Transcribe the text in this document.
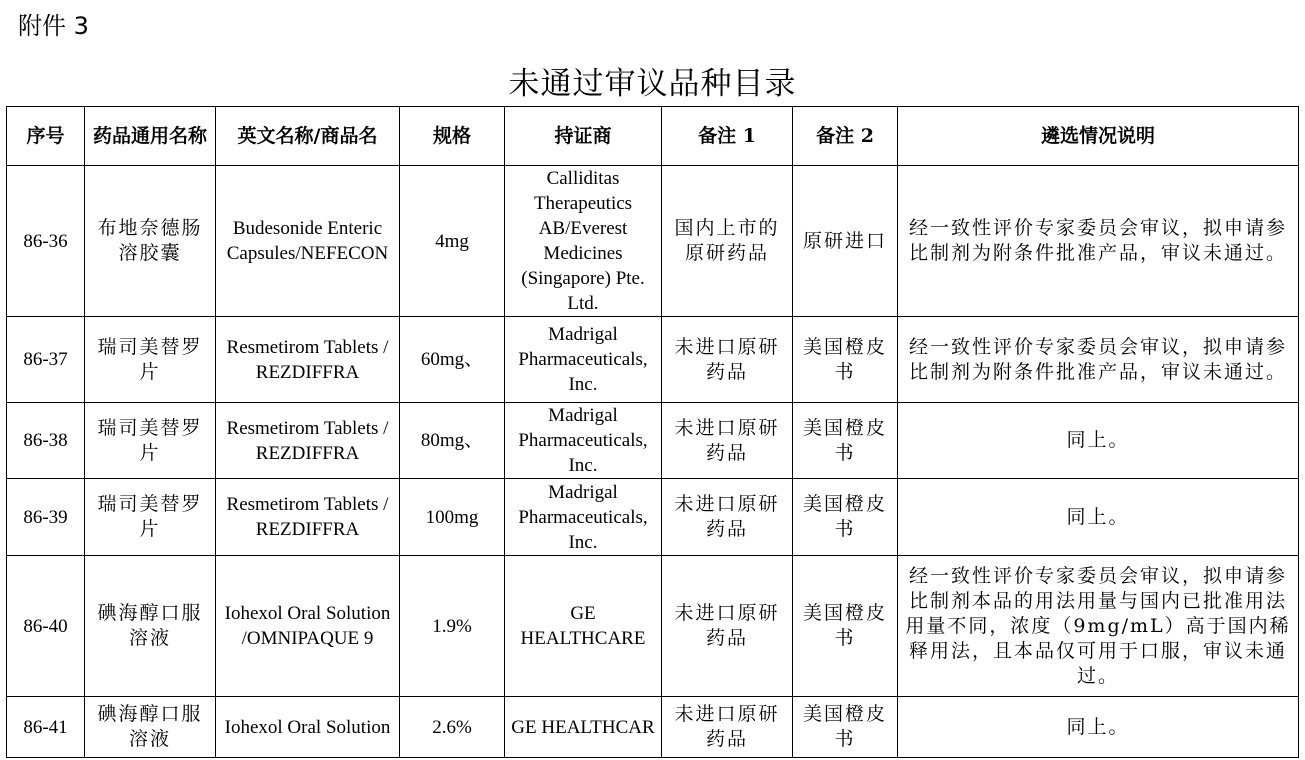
附件 3
未通过审议品种目录
序号	药品通用名称	英文名称/商品名	规格	持证商	备注 1	备注 2	遴选情况说明
86-36	布地奈德肠溶胶囊	Budesonide Enteric Capsules/NEFECON	4mg	Calliditas Therapeutics AB/Everest Medicines (Singapore) Pte. Ltd.	国内上市的原研药品	原研进口	经一致性评价专家委员会审议，拟申请参比制剂为附条件批准产品，审议未通过。
86-37	瑞司美替罗片	Resmetirom Tablets / REZDIFFRA	60mg、	Madrigal Pharmaceuticals, Inc.	未进口原研药品	美国橙皮书	经一致性评价专家委员会审议，拟申请参比制剂为附条件批准产品，审议未通过。
86-38	瑞司美替罗片	Resmetirom Tablets / REZDIFFRA	80mg、	Madrigal Pharmaceuticals, Inc.	未进口原研药品	美国橙皮书	同上。
86-39	瑞司美替罗片	Resmetirom Tablets / REZDIFFRA	100mg	Madrigal Pharmaceuticals, Inc.	未进口原研药品	美国橙皮书	同上。
86-40	碘海醇口服溶液	Iohexol Oral Solution /OMNIPAQUE 9	1.9%	GE HEALTHCARE	未进口原研药品	美国橙皮书	经一致性评价专家委员会审议，拟申请参比制剂本品的用法用量与国内已批准用法用量不同，浓度（9mg/mL）高于国内稀释用法，且本品仅可用于口服，审议未通过。
86-41	碘海醇口服溶液	Iohexol Oral Solution	2.6%	GE HEALTHCAR	未进口原研药品	美国橙皮书	同上。
